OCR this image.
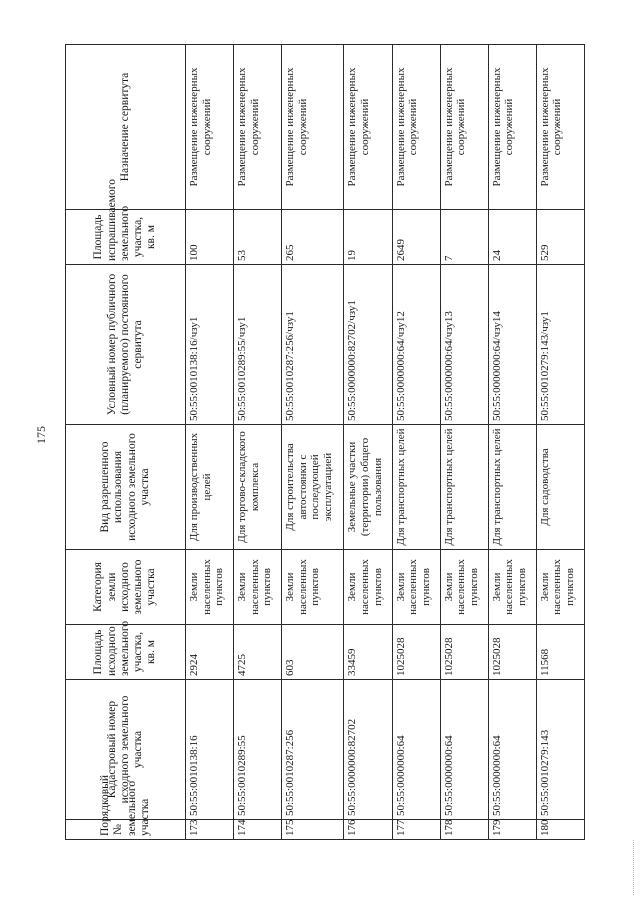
175
Порядковый № земельного участка	Кадастровый номер исходного земельного участка	Площадь исходного земельного участка, кв. м	Категория земли исходного земельного участка	Вид разрешенного использования исходного земельного участка	Условный номер публичного (планируемого) постоянного сервитута	Площадь испрашиваемого земельного участка, кв. м	Назначение сервитута
173	50:55:0010138:16	2924	Земли населенных пунктов	Для производственных целей	50:55:0010138:16/чзу1	100	Размещение инженерных сооружений
174	50:55:0010289:55	4725	Земли населенных пунктов	Для торгово-складского комплекса	50:55:0010289:55/чзу1	53	Размещение инженерных сооружений
175	50:55:0010287:256	603	Земли населенных пунктов	Для строительства автостоянки с последующей эксплуатацией	50:55:0010287:256/чзу1	265	Размещение инженерных сооружений
176	50:55:0000000:82702	33459	Земли населенных пунктов	Земельные участки (территории) общего пользования	50:55:0000000:82702/чзу1	19	Размещение инженерных сооружений
177	50:55:0000000:64	1025028	Земли населенных пунктов	Для транспортных целей	50:55:0000000:64/чзу12	2649	Размещение инженерных сооружений
178	50:55:0000000:64	1025028	Земли населенных пунктов	Для транспортных целей	50:55:0000000:64/чзу13	7	Размещение инженерных сооружений
179	50:55:0000000:64	1025028	Земли населенных пунктов	Для транспортных целей	50:55:0000000:64/чзу14	24	Размещение инженерных сооружений
180	50:55:0010279:143	11568	Земли населенных пунктов	Для садоводства	50:55:0010279:143/чзу1	529	Размещение инженерных сооружений
